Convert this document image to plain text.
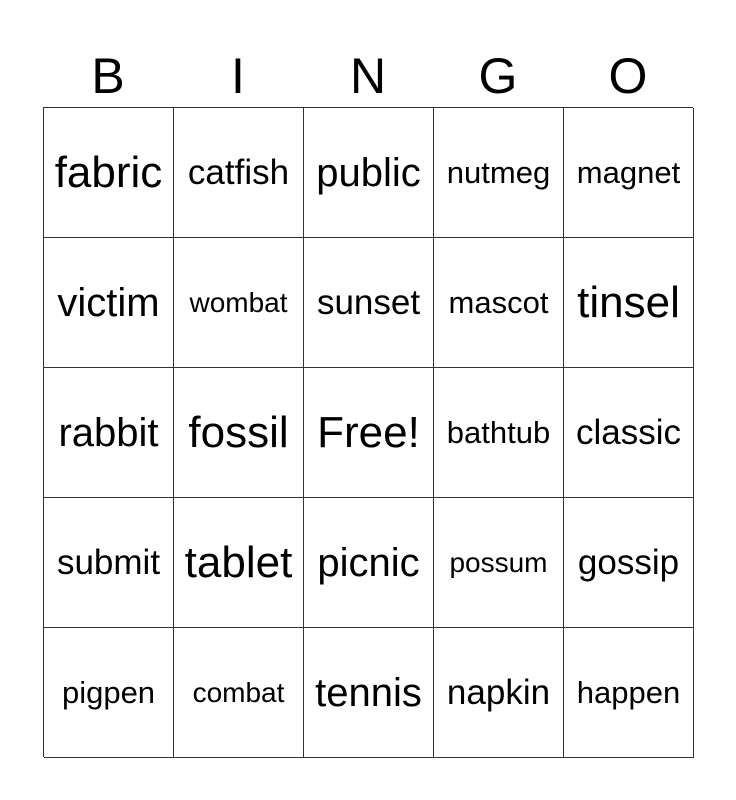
B	I	N	G	O
fabric catfish public nutmeg magnet
victim	wombat sunset mascot tinsel
rabbit fossil Free! bathtub classic
submit tablet picnic	possum gossip
pigpen	combat tennis napkin happen
